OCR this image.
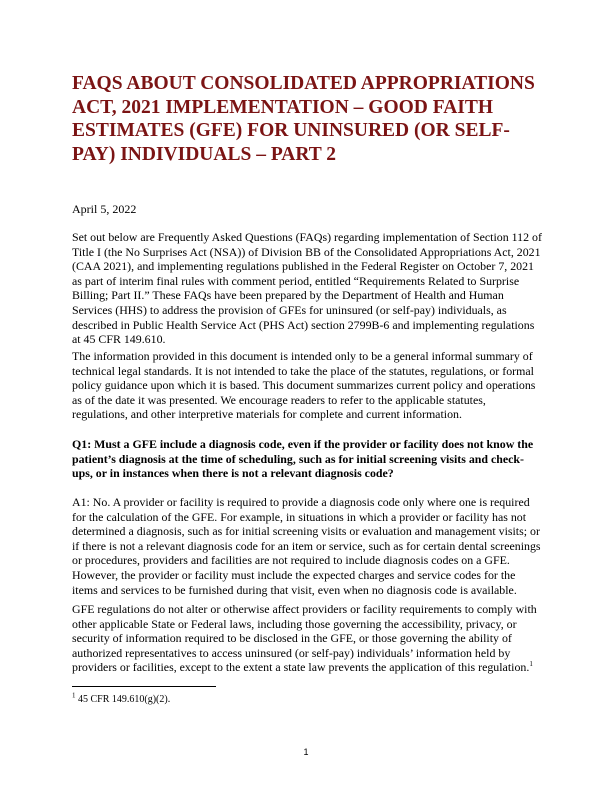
FAQS ABOUT CONSOLIDATED APPROPRIATIONS ACT, 2021 IMPLEMENTATION – GOOD FAITH ESTIMATES (GFE) FOR UNINSURED (OR SELF-PAY) INDIVIDUALS – PART 2
April 5, 2022

Set out below are Frequently Asked Questions (FAQs) regarding implementation of Section 112 of Title I (the No Surprises Act (NSA)) of Division BB of the Consolidated Appropriations Act, 2021 (CAA 2021), and implementing regulations published in the Federal Register on October 7, 2021 as part of interim final rules with comment period, entitled “Requirements Related to Surprise Billing; Part II.” These FAQs have been prepared by the Department of Health and Human Services (HHS) to address the provision of GFEs for uninsured (or self-pay) individuals, as described in Public Health Service Act (PHS Act) section 2799B-6 and implementing regulations at 45 CFR 149.610.

The information provided in this document is intended only to be a general informal summary of technical legal standards. It is not intended to take the place of the statutes, regulations, or formal policy guidance upon which it is based. This document summarizes current policy and operations as of the date it was presented. We encourage readers to refer to the applicable statutes, regulations, and other interpretive materials for complete and current information.

Q1: Must a GFE include a diagnosis code, even if the provider or facility does not know the patient’s diagnosis at the time of scheduling, such as for initial screening visits and check-ups, or in instances when there is not a relevant diagnosis code?

A1: No. A provider or facility is required to provide a diagnosis code only where one is required for the calculation of the GFE. For example, in situations in which a provider or facility has not determined a diagnosis, such as for initial screening visits or evaluation and management visits; or if there is not a relevant diagnosis code for an item or service, such as for certain dental screenings or procedures, providers and facilities are not required to include diagnosis codes on a GFE. However, the provider or facility must include the expected charges and service codes for the items and services to be furnished during that visit, even when no diagnosis code is available.

GFE regulations do not alter or otherwise affect providers or facility requirements to comply with other applicable State or Federal laws, including those governing the accessibility, privacy, or security of information required to be disclosed in the GFE, or those governing the ability of authorized representatives to access uninsured (or self-pay) individuals’ information held by providers or facilities, except to the extent a state law prevents the application of this regulation.$^1$

$^1$ 45 CFR 149.610(g)(2).
1
